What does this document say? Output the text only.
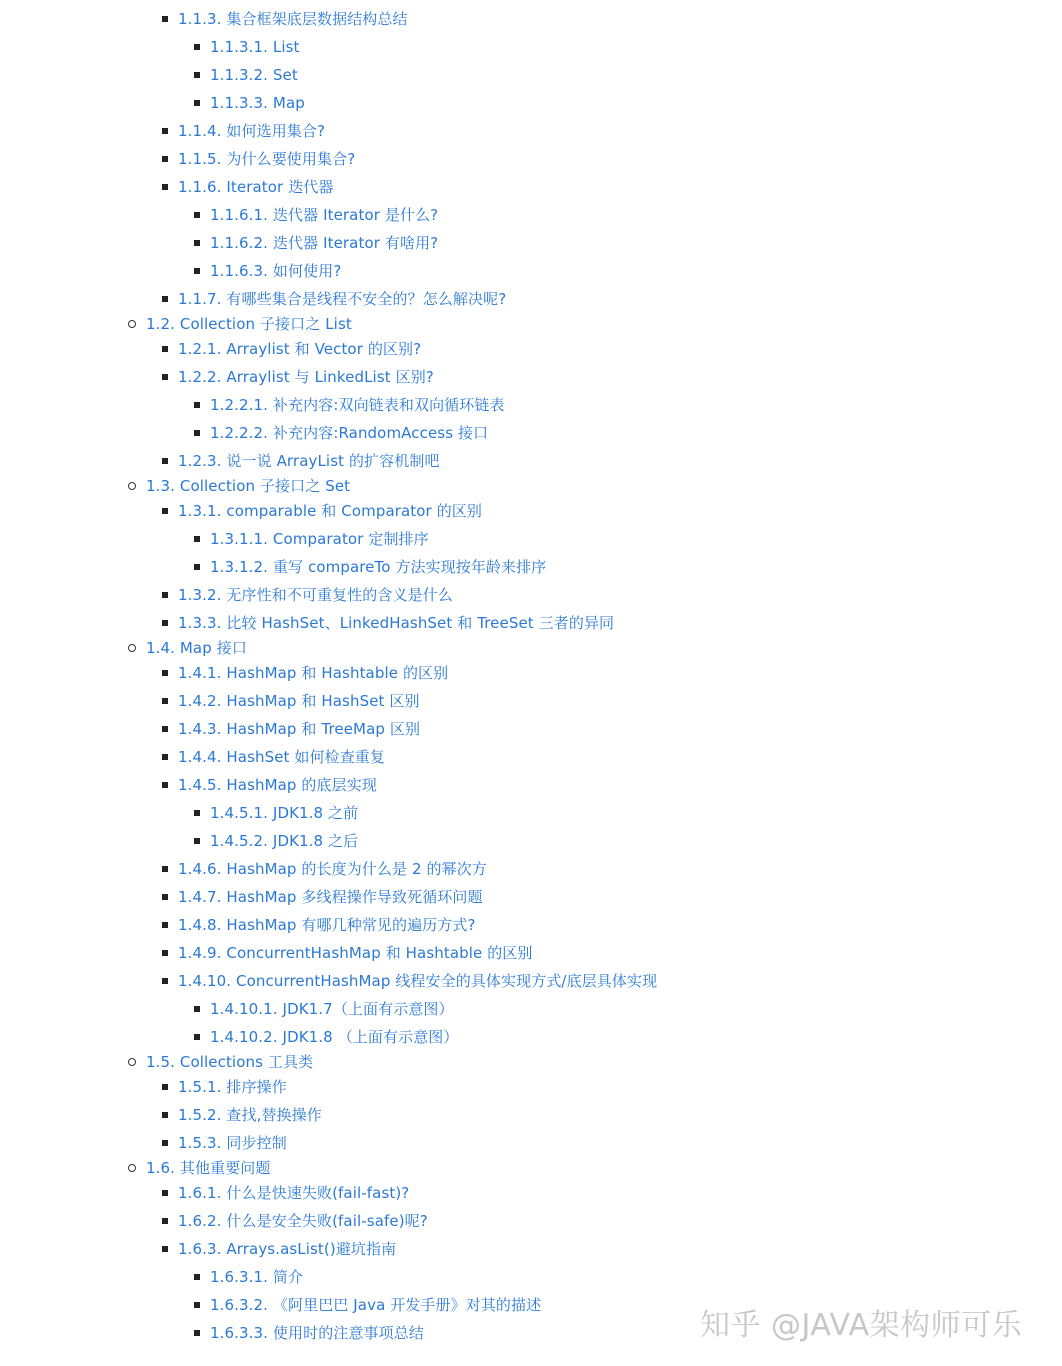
1.1.3. 集合框架底层数据结构总结
1.1.3.1. List
1.1.3.2. Set
1.1.3.3. Map
1.1.4. 如何选用集合?
1.1.5. 为什么要使用集合?
1.1.6. Iterator 迭代器
1.1.6.1. 迭代器 Iterator 是什么?
1.1.6.2. 迭代器 Iterator 有啥用?
1.1.6.3. 如何使用?
1.1.7. 有哪些集合是线程不安全的？怎么解决呢?
1.2. Collection 子接口之 List
1.2.1. Arraylist 和 Vector 的区别?
1.2.2. Arraylist 与 LinkedList 区别?
1.2.2.1. 补充内容:双向链表和双向循环链表
1.2.2.2. 补充内容:RandomAccess 接口
1.2.3. 说一说 ArrayList 的扩容机制吧
1.3. Collection 子接口之 Set
1.3.1. comparable 和 Comparator 的区别
1.3.1.1. Comparator 定制排序
1.3.1.2. 重写 compareTo 方法实现按年龄来排序
1.3.2. 无序性和不可重复性的含义是什么
1.3.3. 比较 HashSet、LinkedHashSet 和 TreeSet 三者的异同
1.4. Map 接口
1.4.1. HashMap 和 Hashtable 的区别
1.4.2. HashMap 和 HashSet 区别
1.4.3. HashMap 和 TreeMap 区别
1.4.4. HashSet 如何检查重复
1.4.5. HashMap 的底层实现
1.4.5.1. JDK1.8 之前
1.4.5.2. JDK1.8 之后
1.4.6. HashMap 的长度为什么是 2 的幂次方
1.4.7. HashMap 多线程操作导致死循环问题
1.4.8. HashMap 有哪几种常见的遍历方式?
1.4.9. ConcurrentHashMap 和 Hashtable 的区别
1.4.10. ConcurrentHashMap 线程安全的具体实现方式/底层具体实现
1.4.10.1. JDK1.7（上面有示意图）
1.4.10.2. JDK1.8 （上面有示意图）
1.5. Collections 工具类
1.5.1. 排序操作
1.5.2. 查找,替换操作
1.5.3. 同步控制
1.6. 其他重要问题
1.6.1. 什么是快速失败(fail-fast)?
1.6.2. 什么是安全失败(fail-safe)呢?
1.6.3. Arrays.asList()避坑指南
1.6.3.1. 简介
1.6.3.2. 《阿里巴巴 Java 开发手册》对其的描述
1.6.3.3. 使用时的注意事项总结	知乎 @JAVA架构师可乐
